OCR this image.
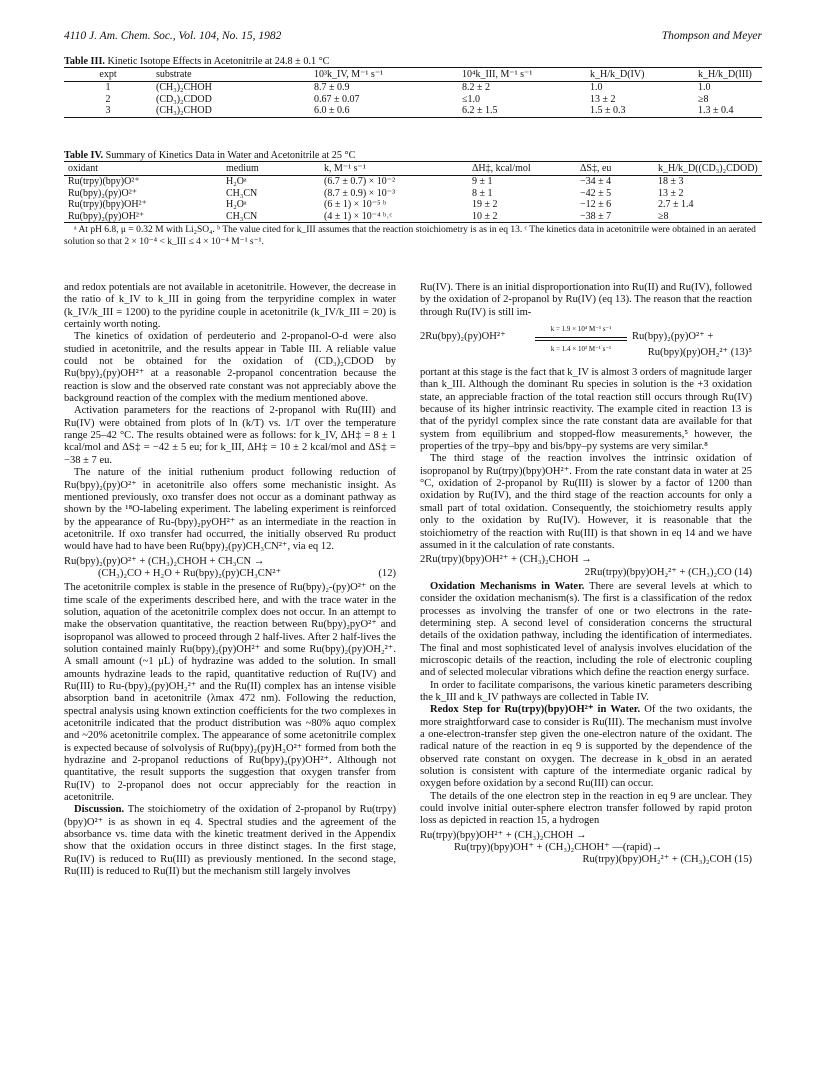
4110 J. Am. Chem. Soc., Vol. 104, No. 15, 1982	Thompson and Meyer
Table III. Kinetic Isotope Effects in Acetonitrile at 24.8 ± 0.1 °C
expt	substrate	10³k_IV, M⁻¹ s⁻¹	10⁴k_III, M⁻¹ s⁻¹	k_H/k_D(IV)	k_H/k_D(III)
1	(CH₃)₂CHOH	8.7 ± 0.9	8.2 ± 2	1.0	1.0
2	(CD₃)₂CDOD	0.67 ± 0.07	≤1.0	13 ± 2	≥8
3	(CH₃)₂CHOD	6.0 ± 0.6	6.2 ± 1.5	1.5 ± 0.3	1.3 ± 0.4
Table IV. Summary of Kinetics Data in Water and Acetonitrile at 25 °C
oxidant	medium	k, M⁻¹ s⁻¹	ΔH‡, kcal/mol	ΔS‡, eu	k_H/k_D((CD₃)₂CDOD)
Ru(trpy)(bpy)O²⁺	H₂Oᵃ	(6.7 ± 0.7) × 10⁻²	9 ± 1	−34 ± 4	18 ± 3
Ru(bpy)₂(py)O²⁺	CH₃CN	(8.7 ± 0.9) × 10⁻³	8 ± 1	−42 ± 5	13 ± 2
Ru(trpy)(bpy)OH²⁺	H₂Oᵃ	(6 ± 1) × 10⁻⁵ ᵇ	19 ± 2	−12 ± 6	2.7 ± 1.4
Ru(bpy)₂(py)OH²⁺	CH₃CN	(4 ± 1) × 10⁻⁴ ᵇ˒ᶜ	10 ± 2	−38 ± 7	≥8
ᵃ At pH 6.8, μ = 0.32 M with Li₂SO₄. ᵇ The value cited for k_III assumes that the reaction stoichiometry is as in eq 13. ᶜ The kinetics data in acetonitrile were obtained in an aerated solution so that 2 × 10⁻⁴ < k_III ≤ 4 × 10⁻⁴ M⁻¹ s⁻¹.

and redox potentials are not available in acetonitrile. However, the decrease in the ratio of k_IV to k_III in going from the terpyridine complex in water (k_IV/k_III = 1200) to the pyridine couple in acetonitrile (k_IV/k_III = 20) is certainly worth noting.

The kinetics of oxidation of perdeuterio and 2-propanol-O-d were also studied in acetonitrile, and the results appear in Table III. A reliable value could not be obtained for the oxidation of (CD₃)₂CDOD by Ru(bpy)₂(py)OH²⁺ at a reasonable 2-propanol concentration because the reaction is slow and the observed rate constant was not appreciably above the background reaction of the complex with the medium mentioned above.

Activation parameters for the reactions of 2-propanol with Ru(III) and Ru(IV) were obtained from plots of ln (k/T) vs. 1/T over the temperature range 25–42 °C. The results obtained were as follows: for k_IV, ΔH‡ = 8 ± 1 kcal/mol and ΔS‡ = −42 ± 5 eu; for k_III, ΔH‡ = 10 ± 2 kcal/mol and ΔS‡ = −38 ± 7 eu.

The nature of the initial ruthenium product following reduction of Ru(bpy)₂(py)O²⁺ in acetonitrile also offers some mechanistic insight. As mentioned previously, oxo transfer does not occur as a dominant pathway as shown by the ¹⁸O-labeling experiment. The labeling experiment is reinforced by the appearance of Ru-(bpy)₂pyOH²⁺ as an intermediate in the reaction in acetonitrile. If oxo transfer had occurred, the initially observed Ru product would have had to have been Ru(bpy)₂(py)CH₃CN²⁺, via eq 12.

Ru(bpy)₂(py)O²⁺ + (CH₃)₂CHOH + CH₃CN →
(CH₃)₂CO + H₂O + Ru(bpy)₂(py)CH₃CN²⁺	(12)

The acetonitrile complex is stable in the presence of Ru(bpy)₂-(py)O²⁺ on the time scale of the experiments described here, and with the trace water in the solution, aquation of the acetonitrile complex does not occur. In an attempt to make the observation quantitative, the reaction between Ru(bpy)₂pyO²⁺ and isopropanol was allowed to proceed through 2 half-lives. After 2 half-lives the solution contained mainly Ru(bpy)₂(py)OH²⁺ and some Ru(bpy)₂(py)OH₂²⁺. A small amount (~1 μL) of hydrazine was added to the solution. In small amounts hydrazine leads to the rapid, quantitative reduction of Ru(IV) and Ru(III) to Ru-(bpy)₂(py)OH₂²⁺ and the Ru(II) complex has an intense visible absorption band in acetonitrile (λmax 472 nm). Following the reduction, spectral analysis using known extinction coefficients for the two complexes in acetonitrile indicated that the product distribution was ~80% aquo complex and ~20% acetonitrile complex. The appearance of some acetonitrile complex is expected because of solvolysis of Ru(bpy)₂(py)H₂O²⁺ formed from both the hydrazine and 2-propanol reductions of Ru(bpy)₂(py)OH²⁺. Although not quantitative, the result supports the suggestion that oxygen transfer from Ru(IV) to 2-propanol does not occur appreciably for the reaction in acetonitrile.

Discussion. The stoichiometry of the oxidation of 2-propanol by Ru(trpy)(bpy)O²⁺ is as shown in eq 4. Spectral studies and the agreement of the absorbance vs. time data with the kinetic treatment derived in the Appendix show that the oxidation occurs in three distinct stages. In the first stage, Ru(IV) is reduced to Ru(III) as previously mentioned. In the second stage, Ru(III) is reduced to Ru(II) but the mechanism still largely involves

Ru(IV). There is an initial disproportionation into Ru(II) and Ru(IV), followed by the oxidation of 2-propanol by Ru(IV) (eq 13). The reason that the reaction through Ru(IV) is still im-

2Ru(bpy)₂(py)OH²⁺
k = 1.9 × 10⁴ M⁻¹ s⁻¹
k = 1.4 × 10³ M⁻¹ s⁻¹
Ru(bpy)₂(py)O²⁺ +
Ru(bpy)(py)OH₂²⁺ (13)⁵

portant at this stage is the fact that k_IV is almost 3 orders of magnitude larger than k_III. Although the dominant Ru species in solution is the +3 oxidation state, an appreciable fraction of the total reaction still occurs through Ru(IV) because of its higher intrinsic reactivity. The example cited in reaction 13 is that of the pyridyl complex since the rate constant data are available for that system from equilibrium and stopped-flow measurements,⁵ however, the properties of the trpy–bpy and bis/bpy–py systems are very similar.⁸

The third stage of the reaction involves the intrinsic oxidation of isopropanol by Ru(trpy)(bpy)OH²⁺. From the rate constant data in water at 25 °C, oxidation of 2-propanol by Ru(III) is slower by a factor of 1200 than oxidation by Ru(IV), and the third stage of the reaction accounts for only a small part of total oxidation. Consequently, the stoichiometry results apply only to the oxidation by Ru(IV). However, it is reasonable that the stoichiometry of the reaction with Ru(III) is that shown in eq 14 and we have assumed in it the calculation of rate constants.

2Ru(trpy)(bpy)OH²⁺ + (CH₃)₂CHOH →
2Ru(trpy)(bpy)OH₂²⁺ + (CH₃)₂CO (14)

Oxidation Mechanisms in Water. There are several levels at which to consider the oxidation mechanism(s). The first is a classification of the redox processes as involving the transfer of one or two electrons in the rate-determining step. A second level of consideration concerns the structural details of the oxidation pathway, including the identification of intermediates. The final and most sophisticated level of analysis involves elucidation of the microscopic details of the reaction, including the role of electronic coupling and of selected molecular vibrations which define the reaction energy surface.

In order to facilitate comparisons, the various kinetic parameters describing the k_III and k_IV pathways are collected in Table IV.

Redox Step for Ru(trpy)(bpy)OH²⁺ in Water. Of the two oxidants, the more straightforward case to consider is Ru(III). The mechanism must involve a one-electron-transfer step given the one-electron nature of the oxidant. The radical nature of the reaction in eq 9 is supported by the dependence of the observed rate constant on oxygen. The decrease in k_obsd in an aerated solution is consistent with capture of the intermediate organic radical by oxygen before oxidation by a second Ru(III) can occur.

The details of the one electron step in the reaction in eq 9 are unclear. They could involve initial outer-sphere electron transfer followed by rapid proton loss as depicted in reaction 15, a hydrogen

Ru(trpy)(bpy)OH²⁺ + (CH₃)₂CHOH →
Ru(trpy)(bpy)OH⁺ + (CH₃)₂CHOH⁺ —(rapid)→
Ru(trpy)(bpy)OH₂²⁺ + (CH₃)₂COH (15)
